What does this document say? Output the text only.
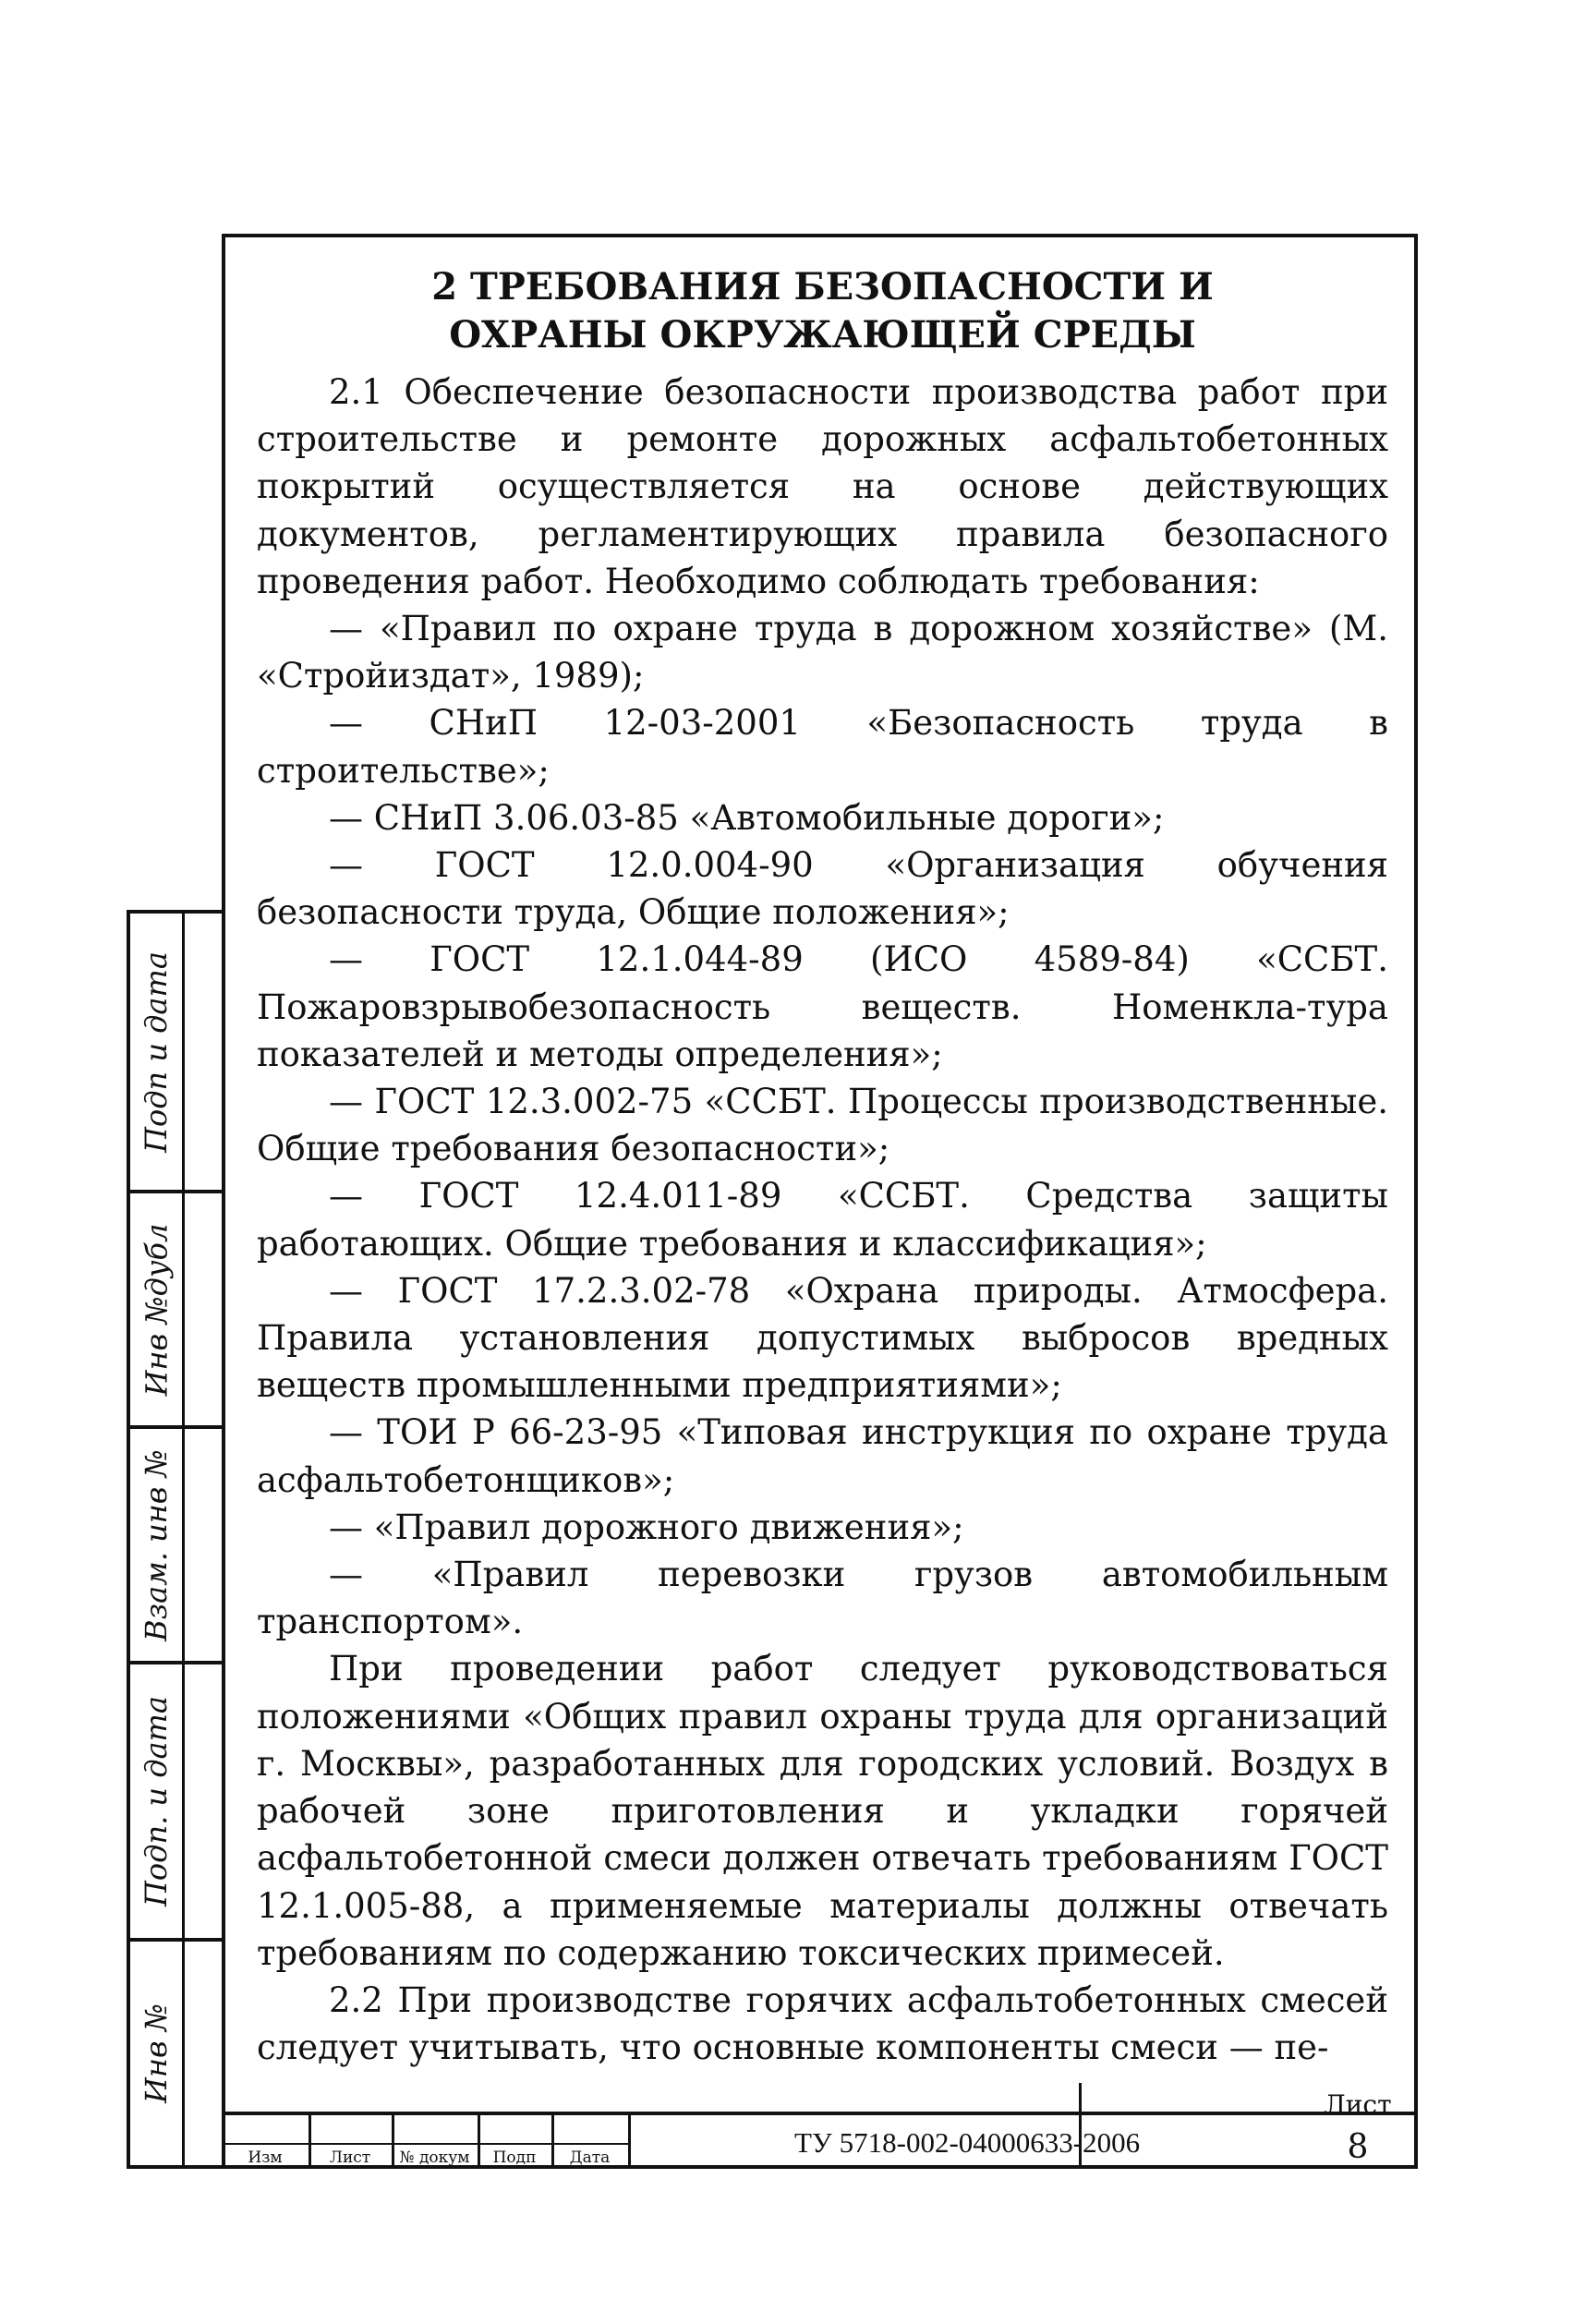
Подп и дата
Инв №дубл
Взам. инв №
Подп. и дата
Инв №
2 ТРЕБОВАНИЯ БЕЗОПАСНОСТИ И
ОХРАНЫ ОКРУЖАЮЩЕЙ СРЕДЫ

2.1 Обеспечение безопасности производства работ при строительстве и ремонте дорожных асфальтобетонных покрытий осуществляется на основе действующих документов, регламентирующих правила безопасного проведения работ. Необходимо соблюдать требования:

— «Правил по охране труда в дорожном хозяйстве» (М. «Стройиздат», 1989);

— СНиП 12-03-2001 «Безопасность труда в строительстве»;

— СНиП 3.06.03-85 «Автомобильные дороги»;

— ГОСТ 12.0.004-90 «Организация обучения безопасности труда, Общие положения»;

— ГОСТ 12.1.044-89 (ИСО 4589-84) «ССБТ. Пожаровзрывобезопасность веществ. Номенкла-тура показателей и методы определения»;

— ГОСТ 12.3.002-75 «ССБТ. Процессы производственные. Общие требования безопасности»;

— ГОСТ 12.4.011-89 «ССБТ. Средства защиты работающих. Общие требования и классификация»;

— ГОСТ 17.2.3.02-78 «Охрана природы. Атмосфера. Правила установления допустимых выбросов вредных веществ промышленными предприятиями»;

— ТОИ Р 66-23-95 «Типовая инструкция по охране труда асфальтобетонщиков»;

— «Правил дорожного движения»;

— «Правил перевозки грузов автомобильным транспортом».

При проведении работ следует руководствоваться положениями «Общих правил охраны труда для организаций г. Москвы», разработанных для городских условий. Воздух в рабочей зоне приготовления и укладки горячей асфальтобетонной смеси должен отвечать требованиям ГОСТ 12.1.005-88, а применяемые материалы должны отвечать требованиям по содержанию токсических примесей.

2.2 При производстве горячих асфальтобетонных смесей следует учитывать, что основные компоненты смеси — пе-

Изм	Лист	№ докум	Подп	Дата	ТУ 5718-002-04000633-2006
Лист
8
